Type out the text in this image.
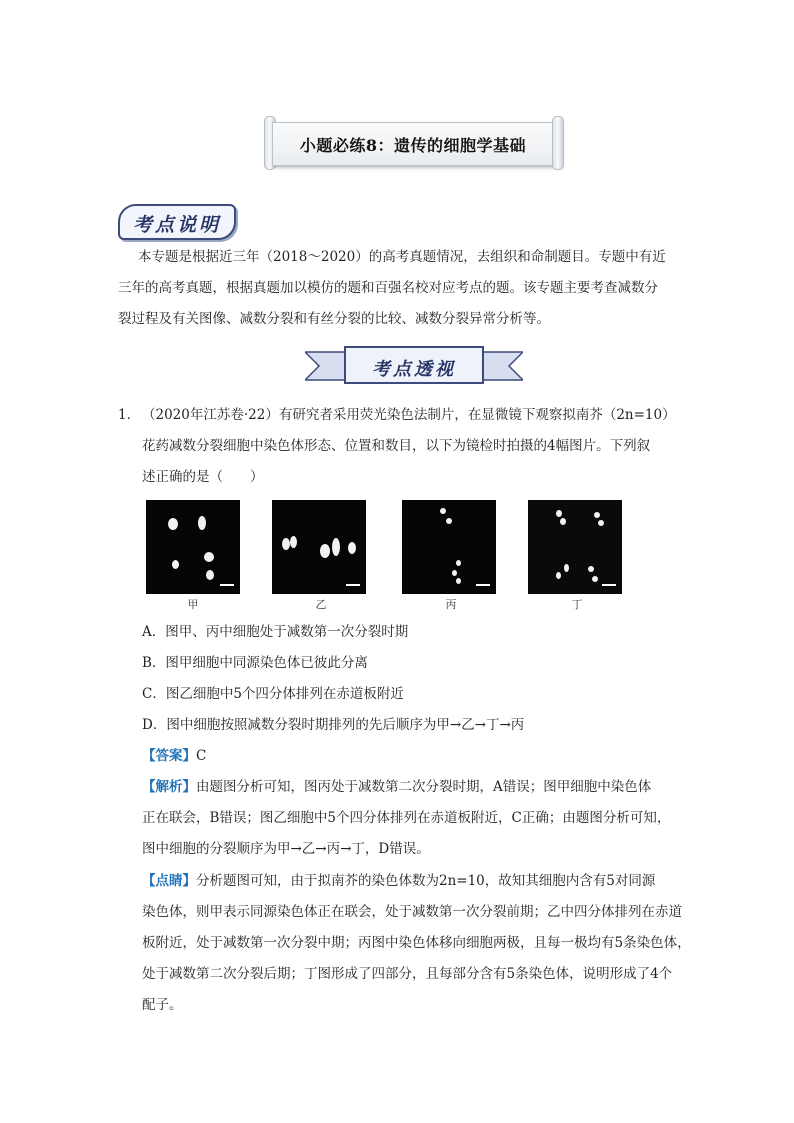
小题必练8：遗传的细胞学基础
考点说明
本专题是根据近三年（2018～2020）的高考真题情况，去组织和命制题目。专题中有近
三年的高考真题，根据真题加以模仿的题和百强名校对应考点的题。该专题主要考查减数分
裂过程及有关图像、减数分裂和有丝分裂的比较、减数分裂异常分析等。
考点透视
1． （2020年江苏卷·22）有研究者采用荧光染色法制片，在显微镜下观察拟南芥（2n=10）
花药减数分裂细胞中染色体形态、位置和数目，以下为镜检时拍摄的4幅图片。下列叙
述正确的是（　　）
甲	乙	丙	丁
A．图甲、丙中细胞处于减数第一次分裂时期
B．图甲细胞中同源染色体已彼此分离
C．图乙细胞中5个四分体排列在赤道板附近
D．图中细胞按照减数分裂时期排列的先后顺序为甲→乙→丁→丙
【答案】C
【解析】由题图分析可知，图丙处于减数第二次分裂时期，A错误；图甲细胞中染色体
正在联会，B错误；图乙细胞中5个四分体排列在赤道板附近，C正确；由题图分析可知，
图中细胞的分裂顺序为甲→乙→丙→丁，D错误。
【点睛】分析题图可知，由于拟南芥的染色体数为2n=10，故知其细胞内含有5对同源
染色体，则甲表示同源染色体正在联会，处于减数第一次分裂前期；乙中四分体排列在赤道
板附近，处于减数第一次分裂中期；丙图中染色体移向细胞两极，且每一极均有5条染色体，
处于减数第二次分裂后期；丁图形成了四部分，且每部分含有5条染色体，说明形成了4个
配子。
